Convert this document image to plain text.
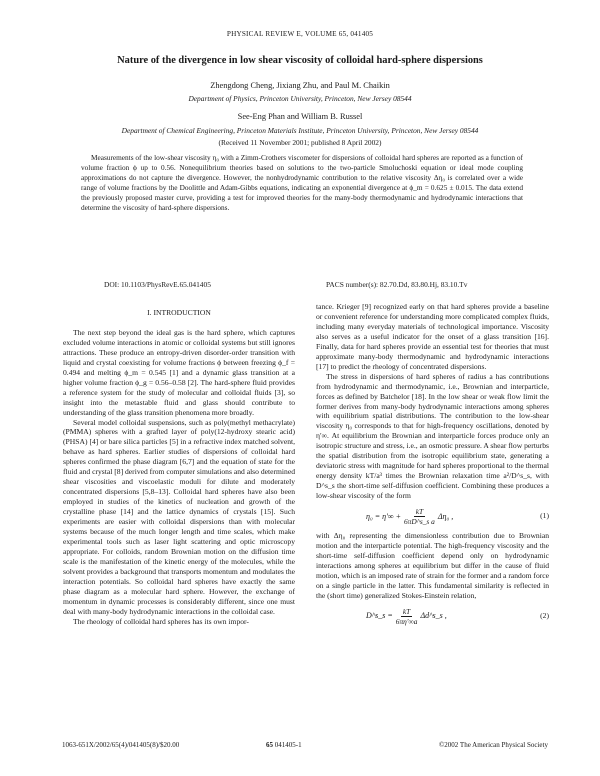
PHYSICAL REVIEW E, VOLUME 65, 041405
Nature of the divergence in low shear viscosity of colloidal hard-sphere dispersions
Zhengdong Cheng, Jixiang Zhu, and Paul M. Chaikin
Department of Physics, Princeton University, Princeton, New Jersey 08544
See-Eng Phan and William B. Russel
Department of Chemical Engineering, Princeton Materials Institute, Princeton University, Princeton, New Jersey 08544
(Received 11 November 2001; published 8 April 2002)

Measurements of the low-shear viscosity η₀ with a Zimm-Crothers viscometer for dispersions of colloidal hard spheres are reported as a function of volume fraction ϕ up to 0.56. Nonequilibrium theories based on solutions to the two-particle Smoluchoski equation or ideal mode coupling approximations do not capture the divergence. However, the nonhydrodynamic contribution to the relative viscosity Δη₀ is correlated over a wide range of volume fractions by the Doolittle and Adam-Gibbs equations, indicating an exponential divergence at ϕ_m = 0.625 ± 0.015. The data extend the previously proposed master curve, providing a test for improved theories for the many-body thermodynamic and hydrodynamic interactions that determine the viscosity of hard-sphere dispersions.

DOI: 10.1103/PhysRevE.65.041405	PACS number(s): 82.70.Dd, 83.80.Hj, 83.10.Tv
I. INTRODUCTION

The next step beyond the ideal gas is the hard sphere, which captures excluded volume interactions in atomic or colloidal systems but still ignores attractions. These produce an entropy-driven disorder-order transition with liquid and crystal coexisting for volume fractions ϕ between freezing ϕ_f = 0.494 and melting ϕ_m = 0.545 [1] and a dynamic glass transition at a higher volume fraction ϕ_g = 0.56–0.58 [2]. The hard-sphere fluid provides a reference system for the study of molecular and colloidal fluids [3], so insight into the metastable fluid and glass should contribute to understanding of the glass transition phenomena more broadly.

Several model colloidal suspensions, such as poly(methyl methacrylate) (PMMA) spheres with a grafted layer of poly(12-hydroxy stearic acid) (PHSA) [4] or bare silica particles [5] in a refractive index matched solvent, behave as hard spheres. Earlier studies of dispersions of colloidal hard spheres confirmed the phase diagram [6,7] and the equation of state for the fluid and crystal [8] derived from computer simulations and also determined shear viscosities and viscoelastic moduli for dilute and moderately concentrated dispersions [5,8–13]. Colloidal hard spheres have also been employed in studies of the kinetics of nucleation and growth of the crystalline phase [14] and the lattice dynamics of crystals [15]. Such experiments are easier with colloidal dispersions than with molecular systems because of the much longer length and time scales, which make experimental tools such as laser light scattering and optic microscopy appropriate. For colloids, random Brownian motion on the diffusion time scale is the manifestation of the kinetic energy of the molecules, while the solvent provides a background that transports momentum and modulates the interaction potentials. So colloidal hard spheres have exactly the same phase diagram as a molecular hard sphere. However, the exchange of momentum in dynamic processes is considerably different, since one must deal with many-body hydrodynamic interactions in the colloidal case.

The rheology of colloidal hard spheres has its own impor-

tance. Krieger [9] recognized early on that hard spheres provide a baseline or convenient reference for understanding more complicated complex fluids, including many everyday materials of technological importance. Viscosity also serves as a useful indicator for the onset of a glass transition [16]. Finally, data for hard spheres provide an essential test for theories that must approximate many-body thermodynamic and hydrodynamic interactions [17] to predict the rheology of concentrated dispersions.

The stress in dispersions of hard spheres of radius a has contributions from hydrodynamic and thermodynamic, i.e., Brownian and interparticle, forces as defined by Batchelor [18]. In the low shear or weak flow limit the former derives from many-body hydrodynamic interactions among spheres with equilibrium spatial distributions. The contribution to the low-shear viscosity η₀ corresponds to that for high-frequency oscillations, denoted by η′∞. At equilibrium the Brownian and interparticle forces produce only an isotropic structure and stress, i.e., an osmotic pressure. A shear flow perturbs the spatial distribution from the isotropic equilibrium state, generating a deviatoric stress with magnitude for hard spheres proportional to the thermal energy density kT/a³ times the Brownian relaxation time a²/D^s_s, with D^s_s the short-time self-diffusion coefficient. Combining these produces a low-shear viscosity of the form

$\eta_0 = \eta'\infty + \frac{kT}{\text{6πD\textasciicircum{}s\_s a}} \Delta\eta_0$ ,	(1)

with Δη₀ representing the dimensionless contribution due to Brownian motion and the interparticle potential. The high-frequency viscosity and the short-time self-diffusion coefficient depend only on hydrodynamic interactions among spheres at equilibrium but differ in the cause of fluid motion, which is an imposed rate of strain for the former and a random force on a single particle in the latter. This fundamental similarity is reflected in the (short time) generalized Stokes-Einstein relation,

D^s_s = $\frac{kT}{6\pi\eta'\infty a}$ Δd^s_s ,	(2)
1063-651X/2002/65(4)/041405(8)/$20.00	65 041405-1	©2002 The American Physical Society
